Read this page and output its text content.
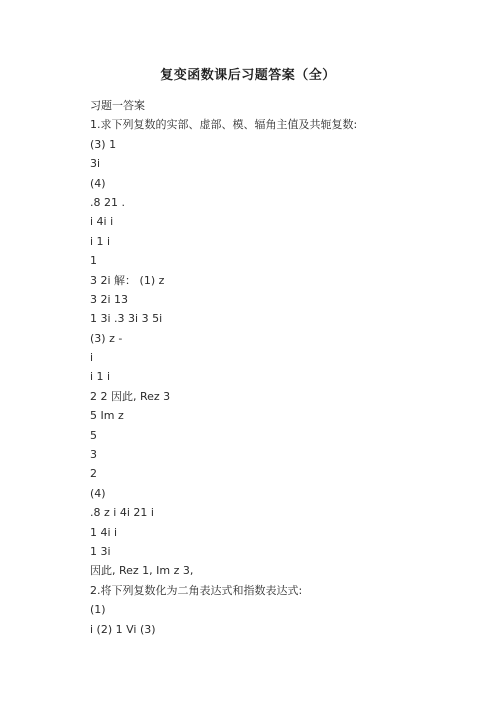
复变函数课后习题答案（全）
习题一答案
1.求下列复数的实部、虚部、模、辐角主值及共轭复数:
(3) 1
3i
(4)
.8 21 .
i 4i i
i 1 i
1
3 2i 解： (1) z
3 2i 13
1 3i .3 3i 3 5i
(3) z -
i
i 1 i
2 2 因此, Rez 3
5 Im z
5
3
2
(4)
.8 z i 4i 21 i
1 4i i
1 3i
因此, Rez 1, Im z 3,
2.将下列复数化为二角表达式和指数表达式:
(1)
i (2) 1 Vi (3)
